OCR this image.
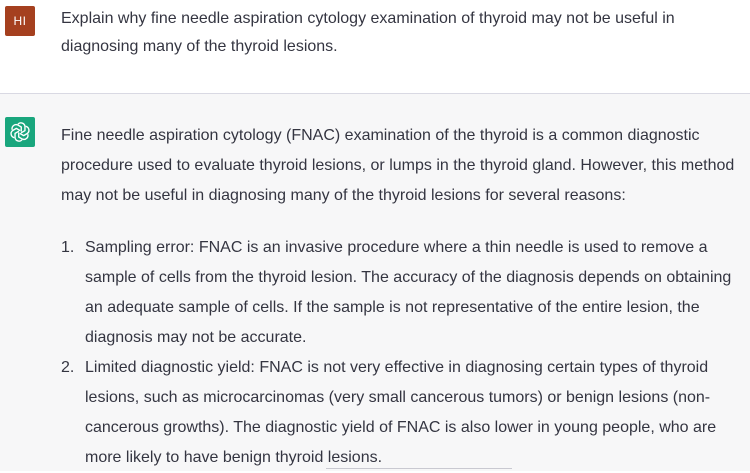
HI	Explain why fine needle aspiration cytology examination of thyroid may not be useful in diagnosing many of the thyroid lesions.

Fine needle aspiration cytology (FNAC) examination of the thyroid is a common diagnostic procedure used to evaluate thyroid lesions, or lumps in the thyroid gland. However, this method may not be useful in diagnosing many of the thyroid lesions for several reasons:

1. Sampling error: FNAC is an invasive procedure where a thin needle is used to remove a sample of cells from the thyroid lesion. The accuracy of the diagnosis depends on obtaining an adequate sample of cells. If the sample is not representative of the entire lesion, the diagnosis may not be accurate.
2. Limited diagnostic yield: FNAC is not very effective in diagnosing certain types of thyroid lesions, such as microcarcinomas (very small cancerous tumors) or benign lesions (non-cancerous growths). The diagnostic yield of FNAC is also lower in young people, who are more likely to have benign thyroid lesions.
